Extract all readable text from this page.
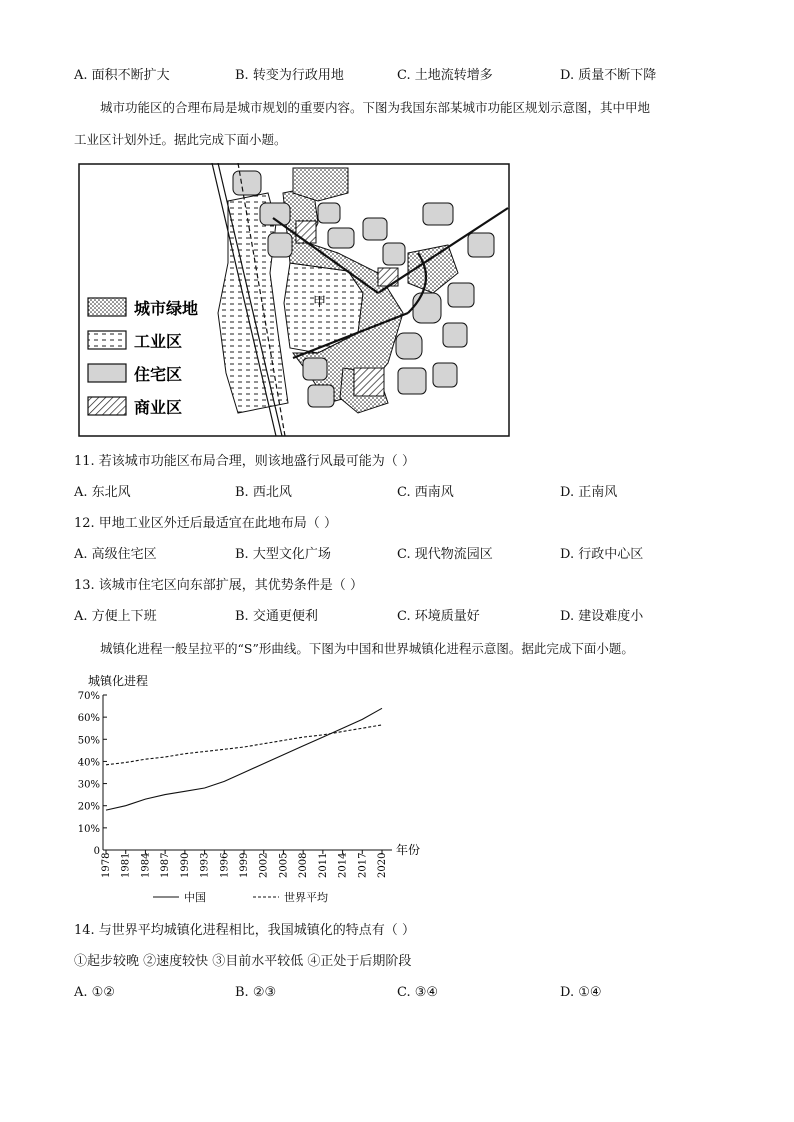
A. 面积不断扩大	B. 转变为行政用地	C. 土地流转增多	D. 质量不断下降
城市功能区的合理布局是城市规划的重要内容。下图为我国东部某城市功能区规划示意图，其中甲地
工业区计划外迁。据此完成下面小题。
甲
城市绿地
工业区
住宅区
商业区
11. 若该城市功能区布局合理，则该地盛行风最可能为（ ）
A. 东北风	B. 西北风	C. 西南风	D. 正南风
12. 甲地工业区外迁后最适宜在此地布局（ ）
A. 高级住宅区	B. 大型文化广场	C. 现代物流园区	D. 行政中心区
13. 该城市住宅区向东部扩展，其优势条件是（ ）
A. 方便上下班	B. 交通更便利	C. 环境质量好	D. 建设难度小
城镇化进程一般呈拉平的“S”形曲线。下图为中国和世界城镇化进程示意图。据此完成下面小题。
城镇化进程
年份
0
10%
20%
30%
40%
50%
60%
70%
1978 1981 1984 1987 1990 1993 1996 1999 2002 2005 2008 2011 2014 2017 2020
中国	世界平均
14. 与世界平均城镇化进程相比，我国城镇化的特点有（ ）
①起步较晚 ②速度较快 ③目前水平较低 ④正处于后期阶段
A. ①②	B. ②③	C. ③④	D. ①④
